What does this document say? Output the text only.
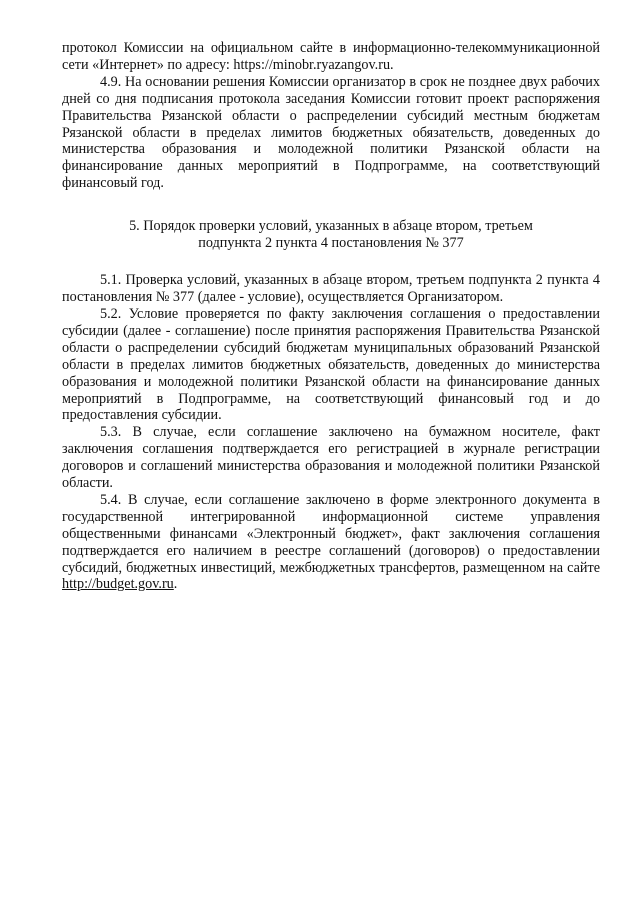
протокол Комиссии на официальном сайте в информационно-телекоммуникационной сети «Интернет» по адресу: https://minobr.ryazangov.ru.

4.9. На основании решения Комиссии организатор в срок не позднее двух рабочих дней со дня подписания протокола заседания Комиссии готовит проект распоряжения Правительства Рязанской области о распределении субсидий местным бюджетам Рязанской области в пределах лимитов бюджетных обязательств, доведенных до министерства образования и молодежной политики Рязанской области на финансирование данных мероприятий в Подпрограмме, на соответствующий финансовый год.

5. Порядок проверки условий, указанных в абзаце втором, третьем
подпункта 2 пункта 4 постановления № 377

5.1. Проверка условий, указанных в абзаце втором, третьем подпункта 2 пункта 4 постановления № 377 (далее - условие), осуществляется Организатором.

5.2. Условие проверяется по факту заключения соглашения о предоставлении субсидии (далее - соглашение) после принятия распоряжения Правительства Рязанской области о распределении субсидий бюджетам муниципальных образований Рязанской области в пределах лимитов бюджетных обязательств, доведенных до министерства образования и молодежной политики Рязанской области на финансирование данных мероприятий в Подпрограмме, на соответствующий финансовый год и до предоставления субсидии.

5.3. В случае, если соглашение заключено на бумажном носителе, факт заключения соглашения подтверждается его регистрацией в журнале регистрации договоров и соглашений министерства образования и молодежной политики Рязанской области.

5.4. В случае, если соглашение заключено в форме электронного документа в государственной интегрированной информационной системе управления общественными финансами «Электронный бюджет», факт заключения соглашения подтверждается его наличием в реестре соглашений (договоров) о предоставлении субсидий, бюджетных инвестиций, межбюджетных трансфертов, размещенном на сайте http://budget.gov.ru.
